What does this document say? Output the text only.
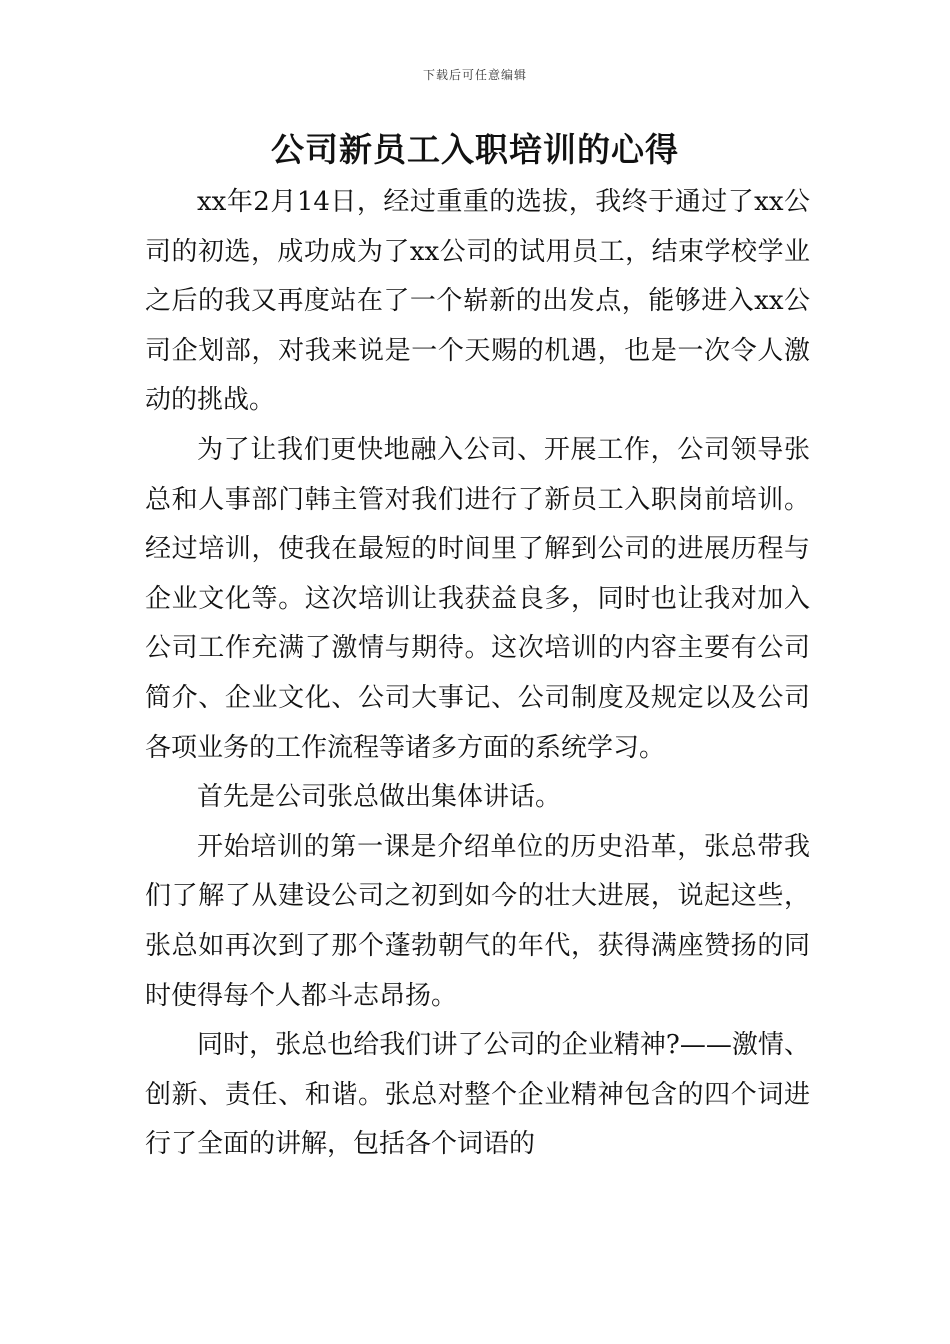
下载后可任意编辑
公司新员工入职培训的心得

xx年2月14日，经过重重的选拔，我终于通过了xx公司的初选，成功成为了xx公司的试用员工，结束学校学业之后的我又再度站在了一个崭新的出发点，能够进入xx公司企划部，对我来说是一个天赐的机遇，也是一次令人激动的挑战。

为了让我们更快地融入公司、开展工作，公司领导张总和人事部门韩主管对我们进行了新员工入职岗前培训。经过培训，使我在最短的时间里了解到公司的进展历程与企业文化等。这次培训让我获益良多，同时也让我对加入公司工作充满了激情与期待。这次培训的内容主要有公司简介、企业文化、公司大事记、公司制度及规定以及公司各项业务的工作流程等诸多方面的系统学习。

首先是公司张总做出集体讲话。

开始培训的第一课是介绍单位的历史沿革，张总带我们了解了从建设公司之初到如今的壮大进展，说起这些，张总如再次到了那个蓬勃朝气的年代，获得满座赞扬的同时使得每个人都斗志昂扬。

同时，张总也给我们讲了公司的企业精神?——激情、创新、责任、和谐。张总对整个企业精神包含的四个词进行了全面的讲解，包括各个词语的
